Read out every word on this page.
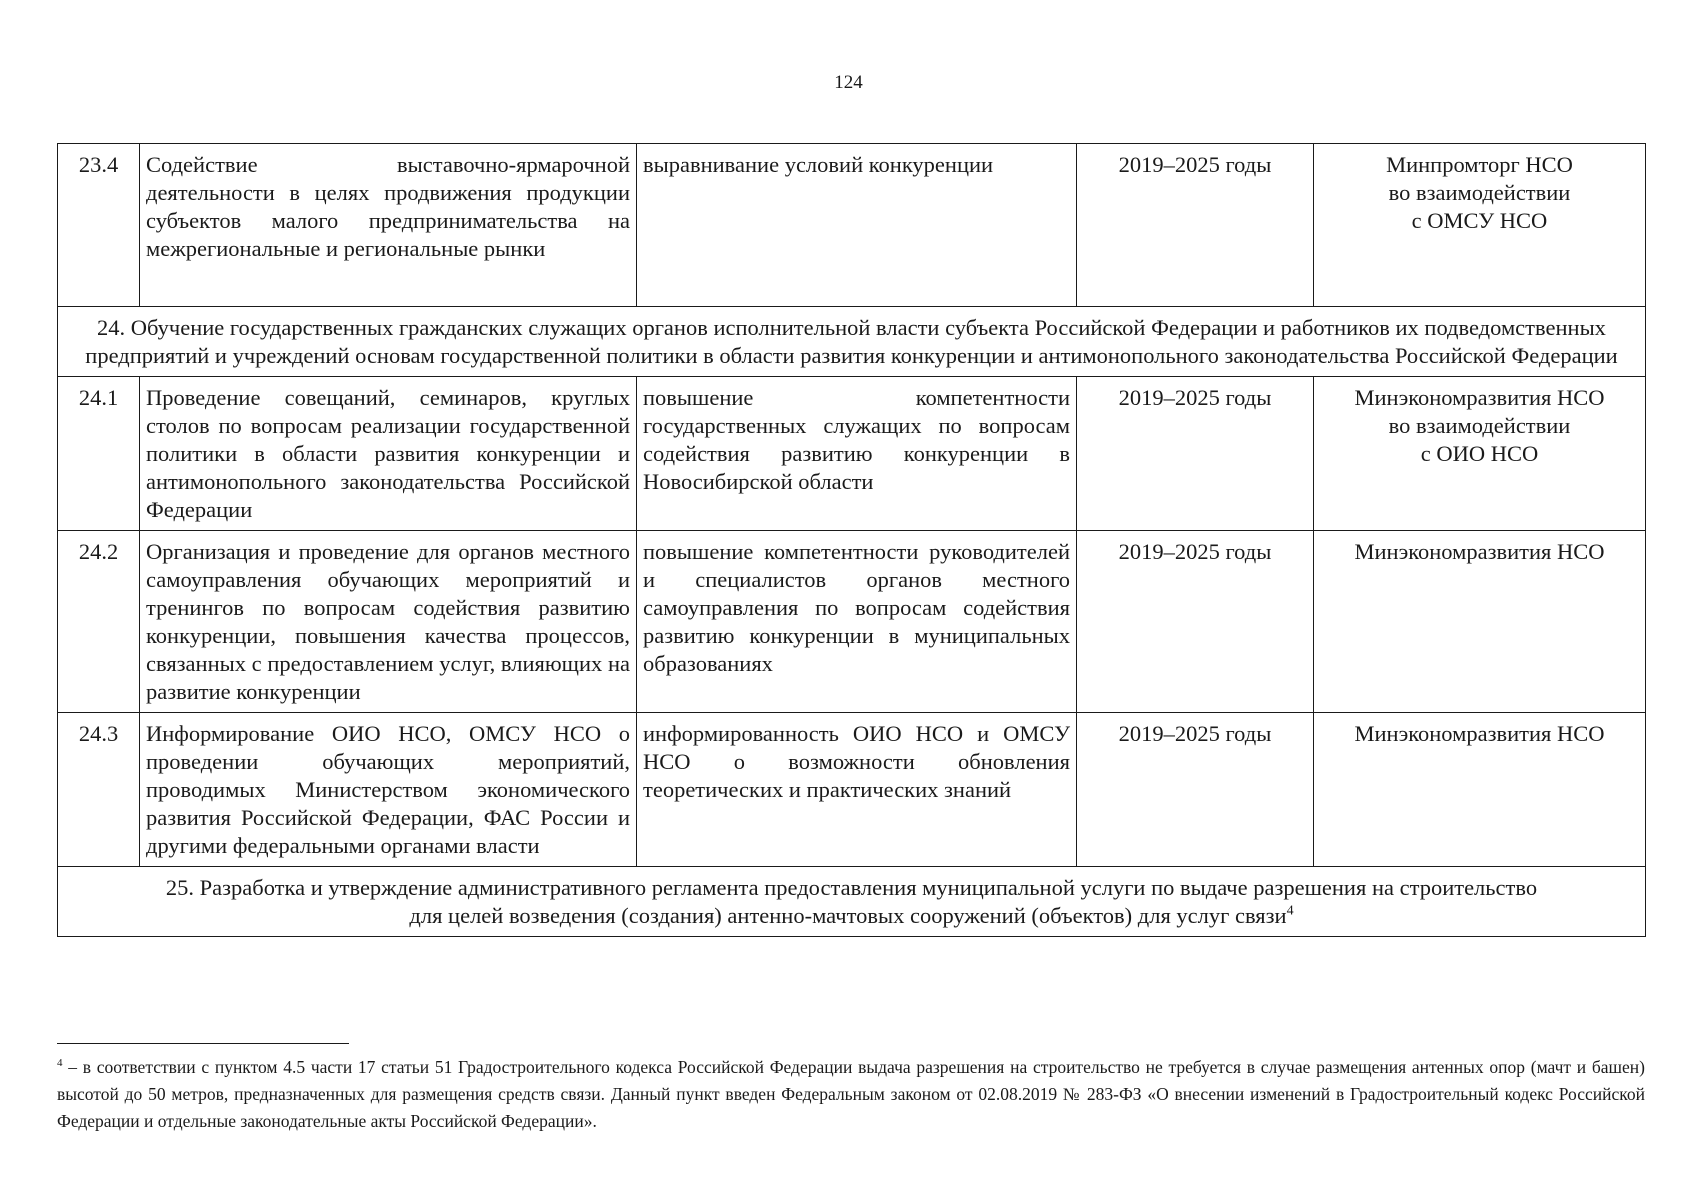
124
23.4	Содействие выставочно-ярмарочной деятельности в целях продвижения продукции субъектов малого предпринимательства на межрегиональные и региональные рынки	выравнивание условий конкуренции	2019–2025 годы	Минпромторг НСО
во взаимодействии
с ОМСУ НСО

24. Обучение государственных гражданских служащих органов исполнительной власти субъекта Российской Федерации и работников их подведомственных предприятий и учреждений основам государственной политики в области развития конкуренции и антимонопольного законодательства Российской Федерации				
24.1	Проведение совещаний, семинаров, круглых столов по вопросам реализации государственной политики в области развития конкуренции и антимонопольного законодательства Российской Федерации	повышение компетентности государственных служащих по вопросам содействия развитию конкуренции в Новосибирской области	2019–2025 годы	Минэкономразвития НСО
во взаимодействии
с ОИО НСО

24.2	Организация и проведение для органов местного самоуправления обучающих мероприятий и тренингов по вопросам содействия развитию конкуренции, повышения качества процессов, связанных с предоставлением услуг, влияющих на развитие конкуренции	повышение компетентности руководителей и специалистов органов местного самоуправления по вопросам содействия развитию конкуренции в муниципальных образованиях	2019–2025 годы	Минэкономразвития НСО
24.3	Информирование ОИО НСО, ОМСУ НСО о проведении обучающих мероприятий, проводимых Министерством экономического развития Российской Федерации, ФАС России и другими федеральными органами власти	информированность ОИО НСО и ОМСУ НСО о возможности обновления теоретических и практических знаний	2019–2025 годы	Минэкономразвития НСО

25. Разработка и утверждение административного регламента предоставления муниципальной услуги по выдаче разрешения на строительство
для целей возведения (создания) антенно-мачтовых сооружений (объектов) для услуг связи$^4$
$^4$ – в соответствии с пунктом 4.5 части 17 статьи 51 Градостроительного кодекса Российской Федерации выдача разрешения на строительство не требуется в случае размещения антенных опор (мачт и башен) высотой до 50 метров, предназначенных для размещения средств связи. Данный пункт введен Федеральным законом от 02.08.2019 № 283-ФЗ «О внесении изменений в Градостроительный кодекс Российской Федерации и отдельные законодательные акты Российской Федерации».
